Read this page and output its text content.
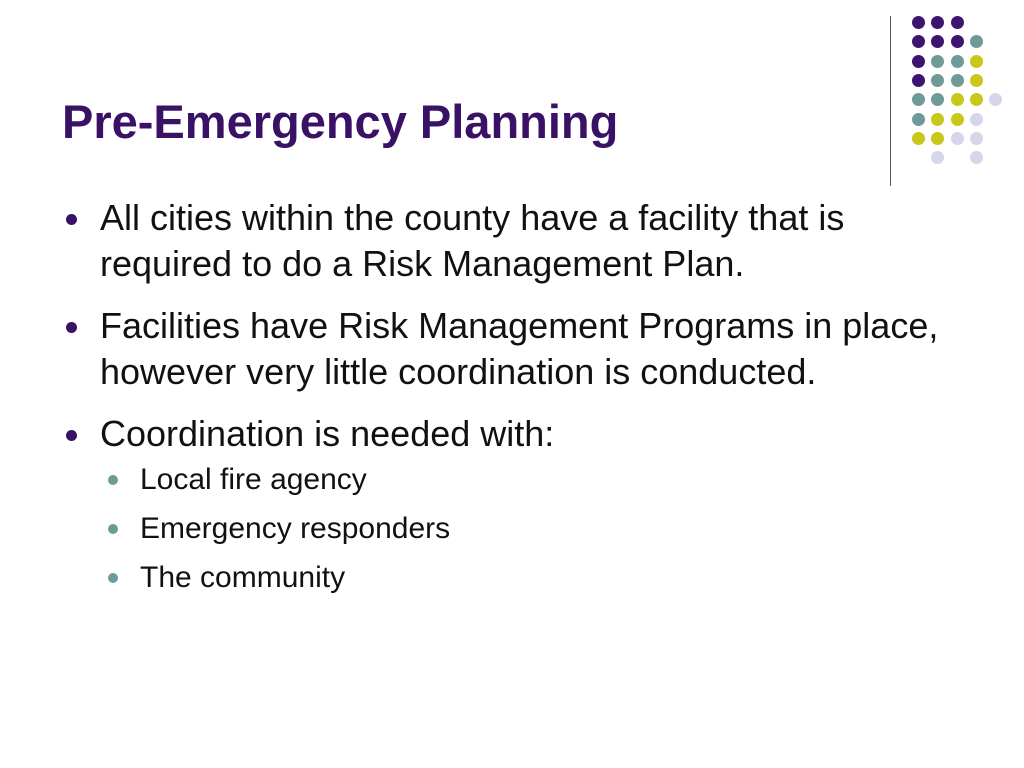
Pre-Emergency Planning
All cities within the county have a facility that is required to do a Risk Management Plan.
Facilities have Risk Management Programs in place, however very little coordination is conducted.
Coordination is needed with:
Local fire agency
Emergency responders
The community
